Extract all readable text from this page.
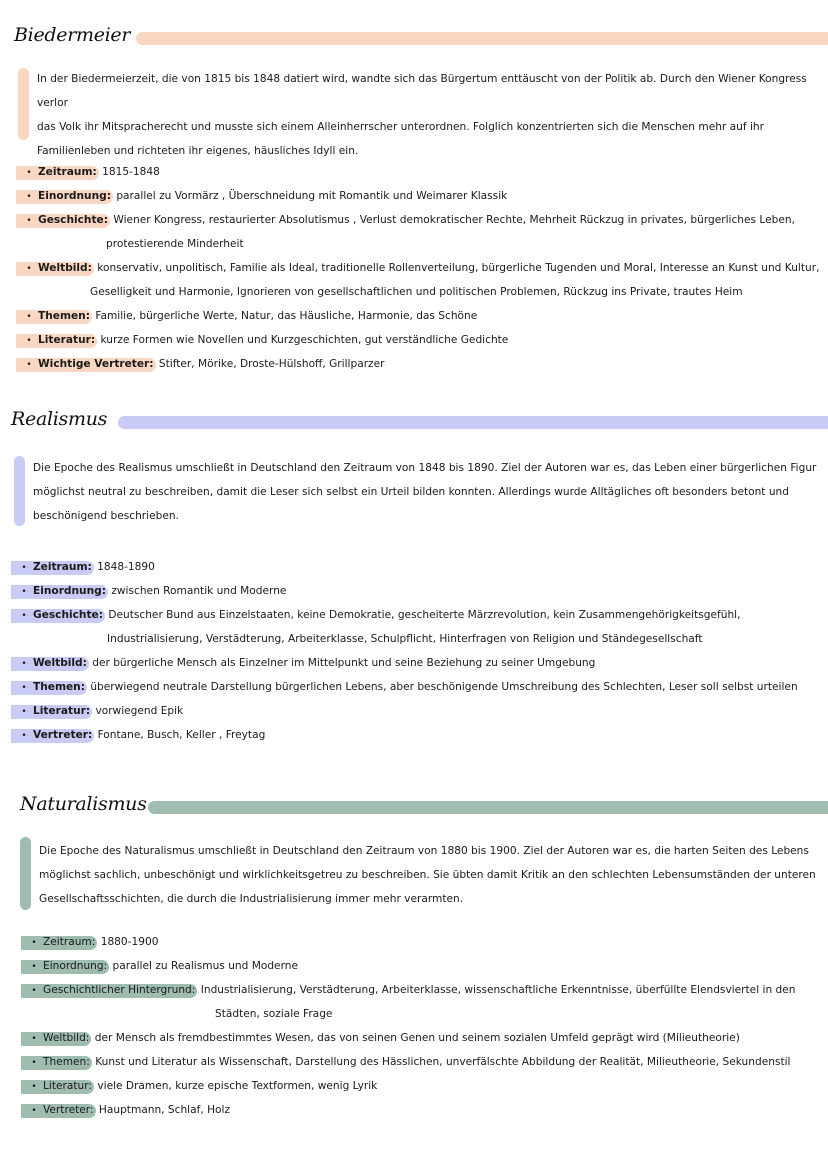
Biedermeier

In der Biedermeierzeit, die von 1815 bis 1848 datiert wird, wandte sich das Bürgertum enttäuscht von der Politik ab. Durch den Wiener Kongress verlor
das Volk ihr Mitspracherecht und musste sich einem Alleinherrscher unterordnen. Folglich konzentrierten sich die Menschen mehr auf ihr
Familienleben und richteten ihr eigenes, häusliches Idyll ein.

• Zeitraum: 1815-1848
• Einordnung: parallel zu Vormärz , Überschneidung mit Romantik und Weimarer Klassik
• Geschichte: Wiener Kongress, restaurierter Absolutismus , Verlust demokratischer Rechte, Mehrheit Rückzug in privates, bürgerliches Leben,
protestierende Minderheit
• Weltbild: konservativ, unpolitisch, Familie als Ideal, traditionelle Rollenverteilung, bürgerliche Tugenden und Moral, Interesse an Kunst und Kultur,
Geselligkeit und Harmonie, Ignorieren von gesellschaftlichen und politischen Problemen, Rückzug ins Private, trautes Heim
• Themen: Familie, bürgerliche Werte, Natur, das Häusliche, Harmonie, das Schöne
• Literatur: kurze Formen wie Novellen und Kurzgeschichten, gut verständliche Gedichte
• Wichtige Vertreter: Stifter, Mörike, Droste-Hülshoff, Grillparzer
Realismus

Die Epoche des Realismus umschließt in Deutschland den Zeitraum von 1848 bis 1890. Ziel der Autoren war es, das Leben einer bürgerlichen Figur
möglichst neutral zu beschreiben, damit die Leser sich selbst ein Urteil bilden konnten. Allerdings wurde Alltägliches oft besonders betont und
beschönigend beschrieben.

• Zeitraum: 1848-1890
• Einordnung: zwischen Romantik und Moderne
• Geschichte: Deutscher Bund aus Einzelstaaten, keine Demokratie, gescheiterte Märzrevolution, kein Zusammengehörigkeitsgefühl,
Industrialisierung, Verstädterung, Arbeiterklasse, Schulpflicht, Hinterfragen von Religion und Ständegesellschaft
• Weltbild: der bürgerliche Mensch als Einzelner im Mittelpunkt und seine Beziehung zu seiner Umgebung
• Themen: überwiegend neutrale Darstellung bürgerlichen Lebens, aber beschönigende Umschreibung des Schlechten, Leser soll selbst urteilen
• Literatur: vorwiegend Epik
• Vertreter: Fontane, Busch, Keller , Freytag
Naturalismus

Die Epoche des Naturalismus umschließt in Deutschland den Zeitraum von 1880 bis 1900. Ziel der Autoren war es, die harten Seiten des Lebens
möglichst sachlich, unbeschönigt und wirklichkeitsgetreu zu beschreiben. Sie übten damit Kritik an den schlechten Lebensumständen der unteren
Gesellschaftsschichten, die durch die Industrialisierung immer mehr verarmten.

• Zeitraum: 1880-1900
• Einordnung: parallel zu Realismus und Moderne
• Geschichtlicher Hintergrund: Industrialisierung, Verstädterung, Arbeiterklasse, wissenschaftliche Erkenntnisse, überfüllte Elendsviertel in den
Städten, soziale Frage
• Weltbild: der Mensch als fremdbestimmtes Wesen, das von seinen Genen und seinem sozialen Umfeld geprägt wird (Milieutheorie)
• Themen: Kunst und Literatur als Wissenschaft, Darstellung des Hässlichen, unverfälschte Abbildung der Realität, Milieutheorie, Sekundenstil
• Literatur: viele Dramen, kurze epische Textformen, wenig Lyrik
• Vertreter: Hauptmann, Schlaf, Holz
